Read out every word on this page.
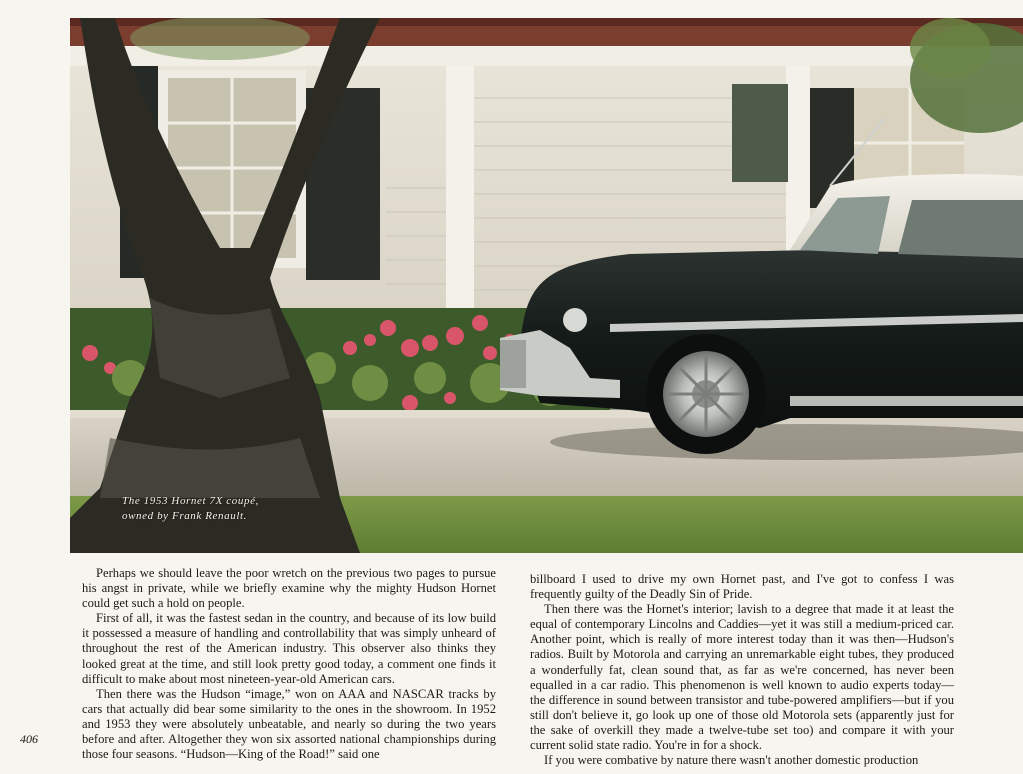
The 1953 Hornet 7X coupé,
owned by Frank Renault.

Perhaps we should leave the poor wretch on the previous two pages to pursue his angst in private, while we briefly examine why the mighty Hudson Hornet could get such a hold on people.

First of all, it was the fastest sedan in the country, and because of its low build it possessed a measure of handling and controllability that was simply unheard of throughout the rest of the American industry. This observer also thinks they looked great at the time, and still look pretty good today, a comment one finds it difficult to make about most nineteen-year-old American cars.

Then there was the Hudson “image,” won on AAA and NASCAR tracks by cars that actually did bear some similarity to the ones in the showroom. In 1952 and 1953 they were absolutely unbeatable, and nearly so during the two years before and after. Altogether they won six assorted national championships during those four seasons. “Hudson—King of the Road!” said one

billboard I used to drive my own Hornet past, and I've got to confess I was frequently guilty of the Deadly Sin of Pride.

Then there was the Hornet's interior; lavish to a degree that made it at least the equal of contemporary Lincolns and Caddies—yet it was still a medium-priced car. Another point, which is really of more interest today than it was then—Hudson's radios. Built by Motorola and carrying an unremarkable eight tubes, they produced a wonderfully fat, clean sound that, as far as we're concerned, has never been equalled in a car radio. This phenomenon is well known to audio experts today—the difference in sound between transistor and tube-powered amplifiers—but if you still don't believe it, go look up one of those old Motorola sets (apparently just for the sake of overkill they made a twelve-tube set too) and compare it with your current solid state radio. You're in for a shock.

If you were combative by nature there wasn't another domestic production

406
